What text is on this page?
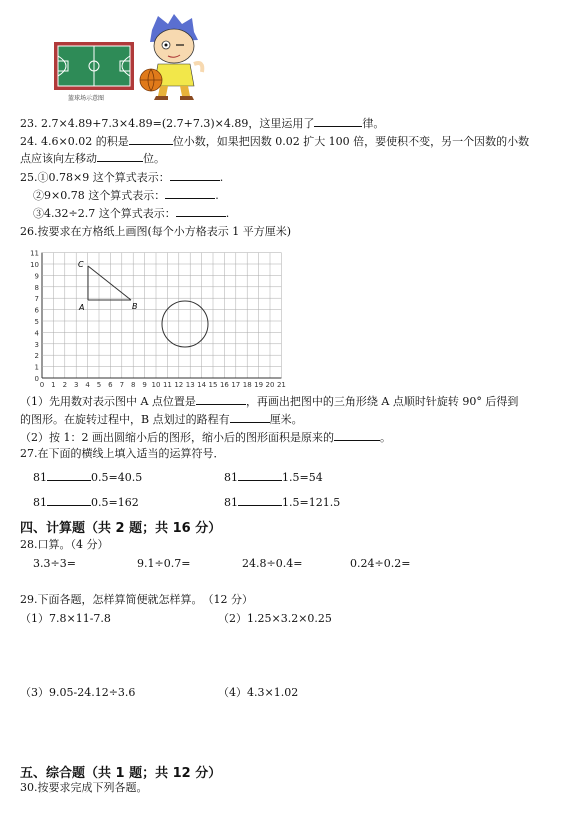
篮球场示意图
23. 2.7×4.89+7.3×4.89=(2.7+7.3)×4.89，这里运用了	律。
24. 4.6×0.02 的积是	位小数，如果把因数 0.02 扩大 100 倍，要使积不变，另一个因数的小数
点应该向左移动	位。
25.①0.78×9 这个算式表示：	.
②9×0.78 这个算式表示：	.
③4.32÷2.7 这个算式表示：	.
26.按要求在方格纸上画图(每个小方格表示 1 平方厘米)
0 1 2 3 4 5 6 7 8 9 10 11 12 13 14 15 16 17 18 19 20 21
1
2
3
4
5
6
7
8
9
10
11
0
C
A	B
（1）先用数对表示图中 A 点位置是	，再画出把图中的三角形绕 A 点顺时针旋转 90° 后得到
的图形。在旋转过程中，B 点划过的路程有	厘米。
（2）按 1：2 画出圆缩小后的图形，缩小后的图形面积是原来的	。
27.在下面的横线上填入适当的运算符号．
81	0.5=40.5	81	1.5=54
81	0.5=162	81	1.5=121.5
四、计算题（共 2 题；共 16 分）
28.口算。（4 分）
3.3÷3=	9.1÷0.7=	24.8÷0.4=	0.24÷0.2=
29.下面各题，怎样算简便就怎样算。　（12 分）
（1）7.8×11-7.8	（2）1.25×3.2×0.25
（3）9.05-24.12÷3.6	（4）4.3×1.02
五、综合题（共 1 题；共 12 分）
30.按要求完成下列各题。
